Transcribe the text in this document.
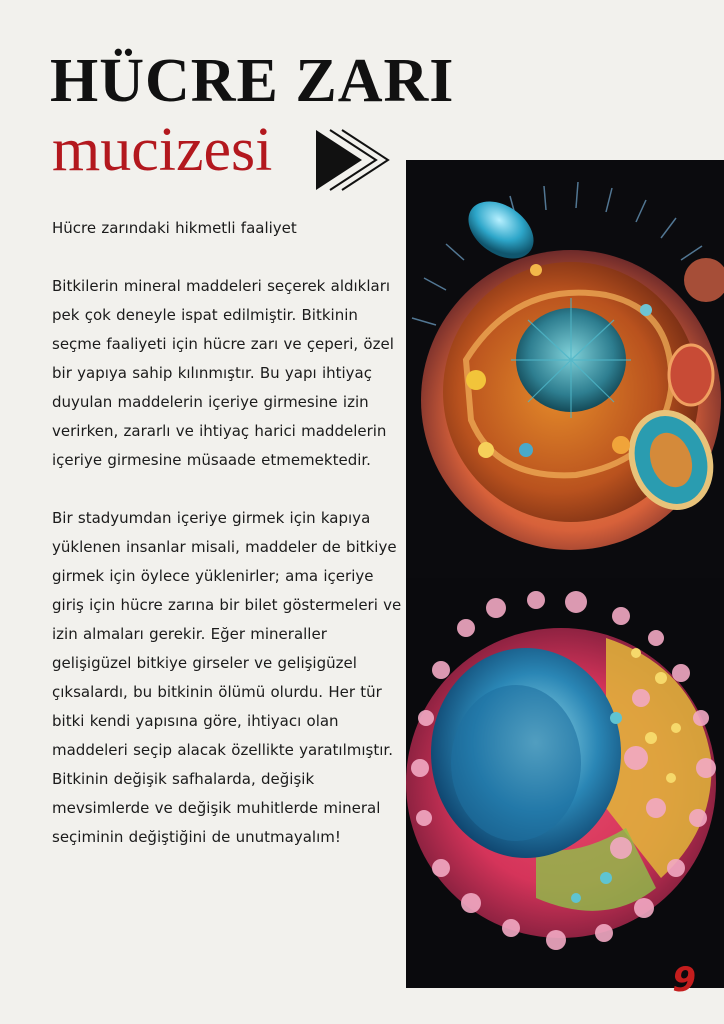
HÜCRE ZARI
mucizesi

Hücre zarındaki hikmetli faaliyet

Bitkilerin mineral maddeleri seçerek aldıkları pek çok deneyle ispat edilmiştir. Bitkinin seçme faaliyeti için hücre zarı ve çeperi, özel bir yapıya sahip kılınmıştır. Bu yapı ihtiyaç duyulan maddelerin içeriye girmesine izin verirken, zararlı ve ihtiyaç harici maddelerin içeriye girmesine müsaade etmemektedir.

Bir stadyumdan içeriye girmek için kapıya yüklenen insanlar misali, maddeler de bitkiye girmek için öylece yüklenirler; ama içeriye giriş için hücre zarına bir bilet göstermeleri ve izin almaları gerekir. Eğer mineraller gelişigüzel bitkiye girseler ve gelişigüzel çıksalardı, bu bitkinin ölümü olurdu. Her tür bitki kendi yapısına göre, ihtiyacı olan maddeleri seçip alacak özellikte yaratılmıştır. Bitkinin değişik safhalarda, değişik mevsimlerde ve değişik muhitlerde mineral seçiminin değiştiğini de unutmayalım!

9
